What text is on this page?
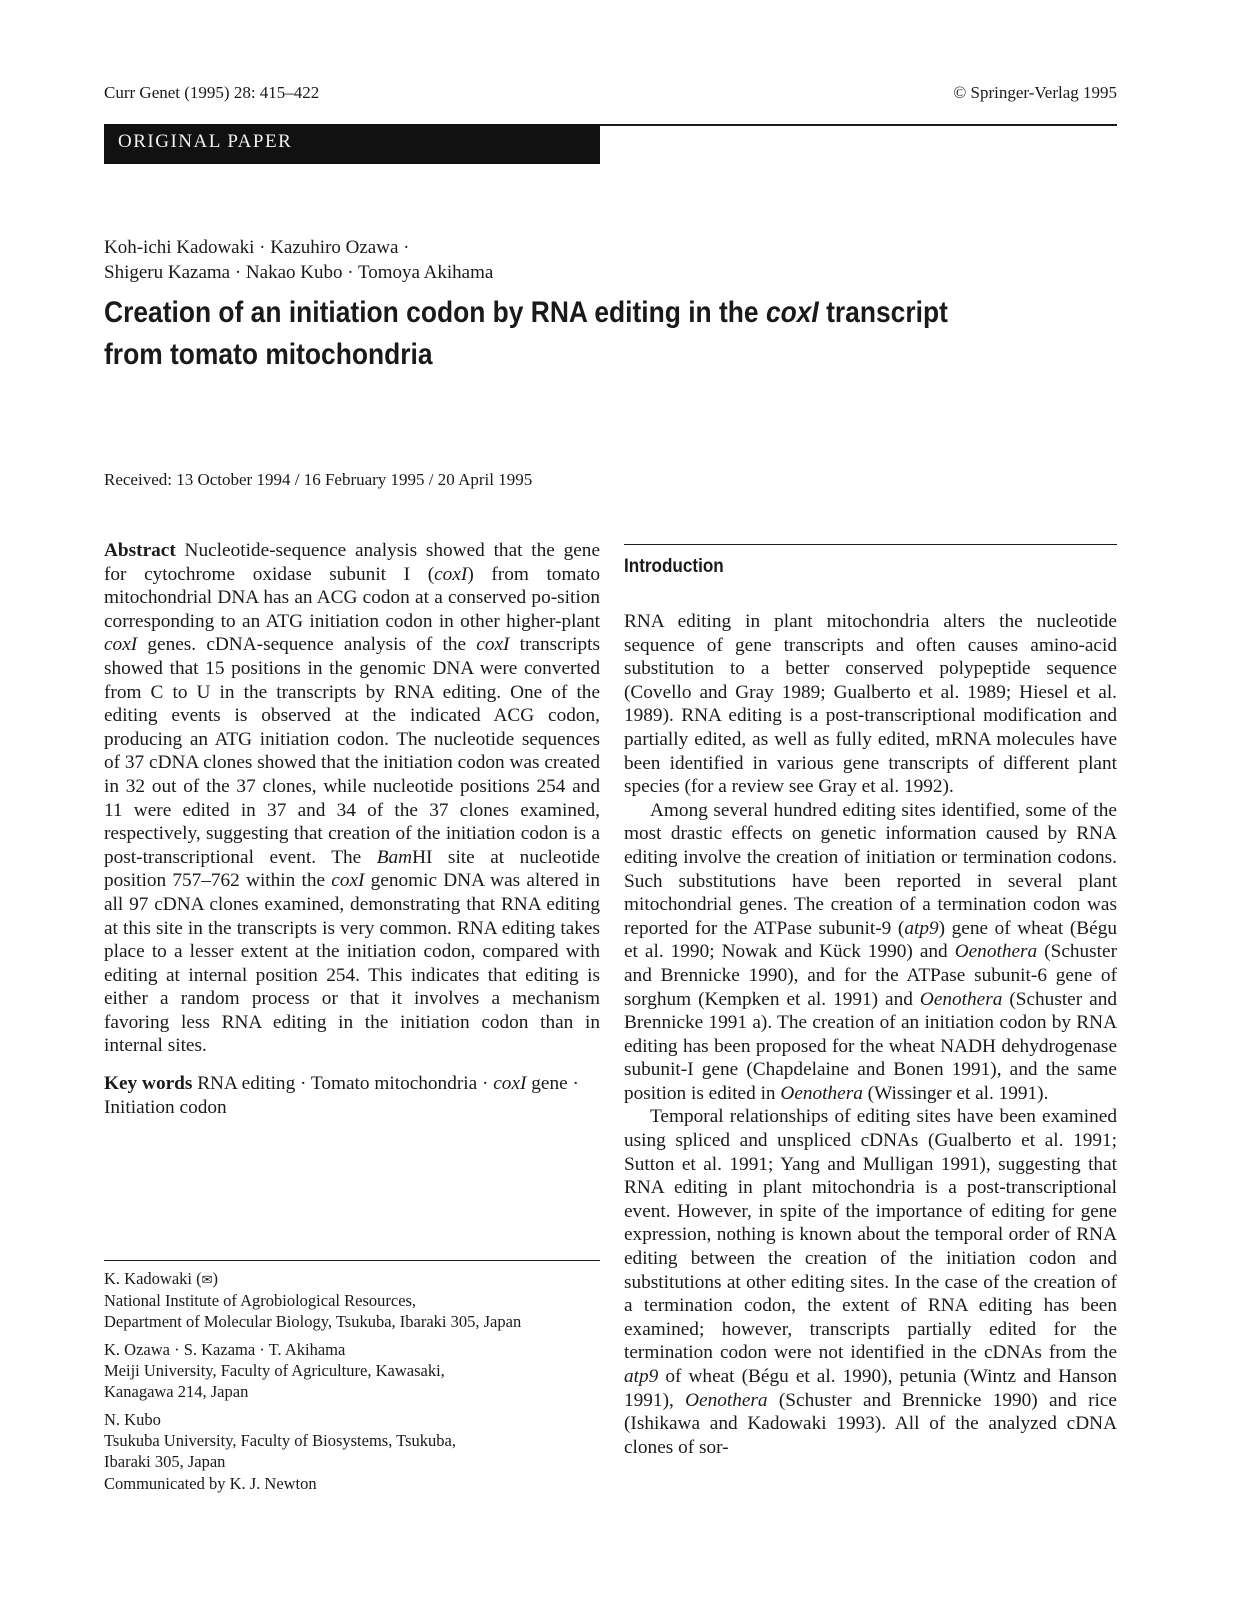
Curr Genet (1995) 28: 415–422	© Springer-Verlag 1995
ORIGINAL PAPER
Koh-ichi Kadowaki · Kazuhiro Ozawa ·
Shigeru Kazama · Nakao Kubo · Tomoya Akihama
Creation of an initiation codon by RNA editing in the coxI transcript from tomato mitochondria
Received: 13 October 1994 / 16 February 1995 / 20 April 1995

Abstract Nucleotide-sequence analysis showed that the gene for cytochrome oxidase subunit I (coxI) from tomato mitochondrial DNA has an ACG codon at a conserved po-sition corresponding to an ATG initiation codon in other higher-plant coxI genes. cDNA-sequence analysis of the coxI transcripts showed that 15 positions in the genomic DNA were converted from C to U in the transcripts by RNA editing. One of the editing events is observed at the indicated ACG codon, producing an ATG initiation codon. The nucleotide sequences of 37 cDNA clones showed that the initiation codon was created in 32 out of the 37 clones, while nucleotide positions 254 and 11 were edited in 37 and 34 of the 37 clones examined, respectively, suggesting that creation of the initiation codon is a post-transcriptional event. The BamHI site at nucleotide position 757–762 within the coxI genomic DNA was altered in all 97 cDNA clones examined, demonstrating that RNA editing at this site in the transcripts is very common. RNA editing takes place to a lesser extent at the initiation codon, compared with editing at internal position 254. This indicates that editing is either a random process or that it involves a mechanism favoring less RNA editing in the initiation codon than in internal sites.

Key words RNA editing · Tomato mitochondria · coxI gene · Initiation codon

K. Kadowaki (✉)
National Institute of Agrobiological Resources,
Department of Molecular Biology, Tsukuba, Ibaraki 305, Japan
K. Ozawa · S. Kazama · T. Akihama
Meiji University, Faculty of Agriculture, Kawasaki,
Kanagawa 214, Japan
N. Kubo
Tsukuba University, Faculty of Biosystems, Tsukuba,
Ibaraki 305, Japan
Communicated by K. J. Newton
Introduction

RNA editing in plant mitochondria alters the nucleotide sequence of gene transcripts and often causes amino-acid substitution to a better conserved polypeptide sequence (Covello and Gray 1989; Gualberto et al. 1989; Hiesel et al. 1989). RNA editing is a post-transcriptional modification and partially edited, as well as fully edited, mRNA molecules have been identified in various gene transcripts of different plant species (for a review see Gray et al. 1992).

Among several hundred editing sites identified, some of the most drastic effects on genetic information caused by RNA editing involve the creation of initiation or termination codons. Such substitutions have been reported in several plant mitochondrial genes. The creation of a termination codon was reported for the ATPase subunit-9 (atp9) gene of wheat (Bégu et al. 1990; Nowak and Kück 1990) and Oenothera (Schuster and Brennicke 1990), and for the ATPase subunit-6 gene of sorghum (Kempken et al. 1991) and Oenothera (Schuster and Brennicke 1991 a). The creation of an initiation codon by RNA editing has been proposed for the wheat NADH dehydrogenase subunit-I gene (Chapdelaine and Bonen 1991), and the same position is edited in Oenothera (Wissinger et al. 1991).

Temporal relationships of editing sites have been examined using spliced and unspliced cDNAs (Gualberto et al. 1991; Sutton et al. 1991; Yang and Mulligan 1991), suggesting that RNA editing in plant mitochondria is a post-transcriptional event. However, in spite of the importance of editing for gene expression, nothing is known about the temporal order of RNA editing between the creation of the initiation codon and substitutions at other editing sites. In the case of the creation of a termination codon, the extent of RNA editing has been examined; however, transcripts partially edited for the termination codon were not identified in the cDNAs from the atp9 of wheat (Bégu et al. 1990), petunia (Wintz and Hanson 1991), Oenothera (Schuster and Brennicke 1990) and rice (Ishikawa and Kadowaki 1993). All of the analyzed cDNA clones of sor-
